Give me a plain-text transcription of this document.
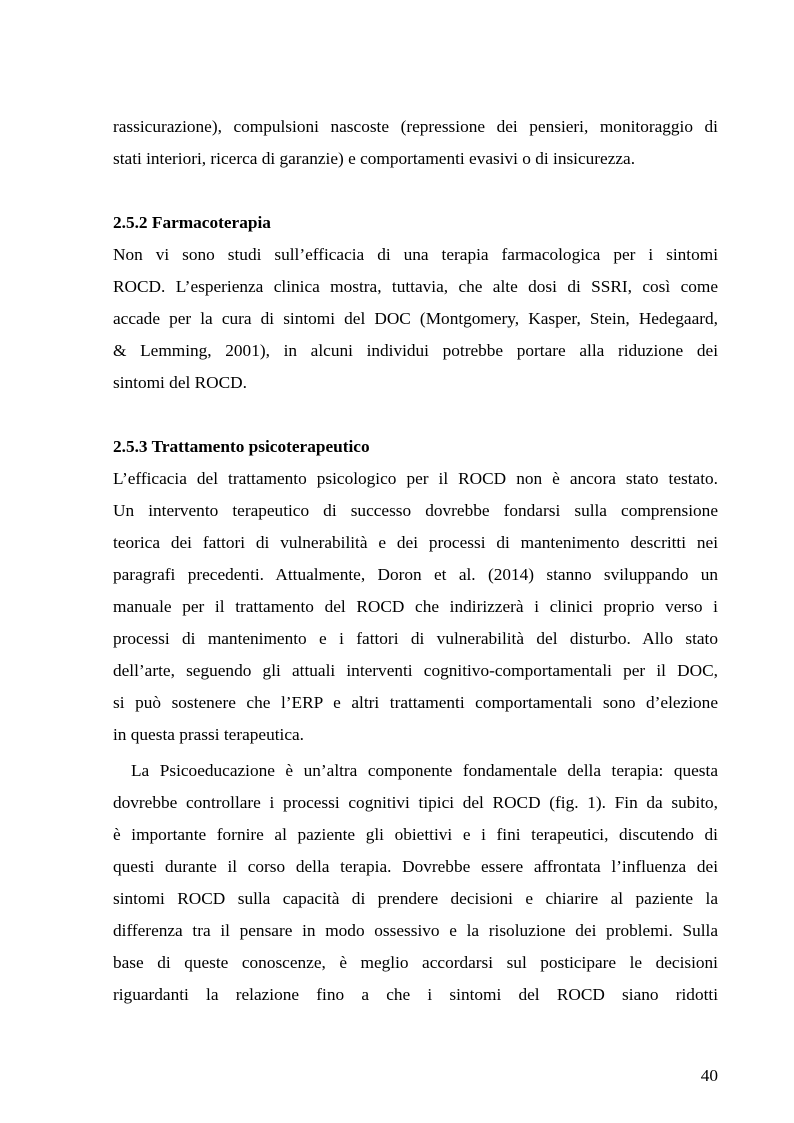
rassicurazione), compulsioni nascoste (repressione dei pensieri, monitoraggio di

stati interiori, ricerca di garanzie) e comportamenti evasivi o di insicurezza.

2.5.2 Farmacoterapia

Non vi sono studi sull’efficacia di una terapia farmacologica per i sintomi

ROCD. L’esperienza clinica mostra, tuttavia, che alte dosi di SSRI, così come

accade per la cura di sintomi del DOC (Montgomery, Kasper, Stein, Hedegaard,

& Lemming, 2001), in alcuni individui potrebbe portare alla riduzione dei

sintomi del ROCD.

2.5.3 Trattamento psicoterapeutico

L’efficacia del trattamento psicologico per il ROCD non è ancora stato testato.

Un intervento terapeutico di successo dovrebbe fondarsi sulla comprensione

teorica dei fattori di vulnerabilità e dei processi di mantenimento descritti nei

paragrafi precedenti. Attualmente, Doron et al. (2014) stanno sviluppando un

manuale per il trattamento del ROCD che indirizzerà i clinici proprio verso i

processi di mantenimento e i fattori di vulnerabilità del disturbo. Allo stato

dell’arte, seguendo gli attuali interventi cognitivo-comportamentali per il DOC,

si può sostenere che l’ERP e altri trattamenti comportamentali sono d’elezione

in questa prassi terapeutica.

La Psicoeducazione è un’altra componente fondamentale della terapia: questa

dovrebbe controllare i processi cognitivi tipici del ROCD (fig. 1). Fin da subito,

è importante fornire al paziente gli obiettivi e i fini terapeutici, discutendo di

questi durante il corso della terapia. Dovrebbe essere affrontata l’influenza dei

sintomi ROCD sulla capacità di prendere decisioni e chiarire al paziente la

differenza tra il pensare in modo ossessivo e la risoluzione dei problemi. Sulla

base di queste conoscenze, è meglio accordarsi sul posticipare le decisioni

riguardanti la relazione fino a che i sintomi del ROCD siano ridotti

40
